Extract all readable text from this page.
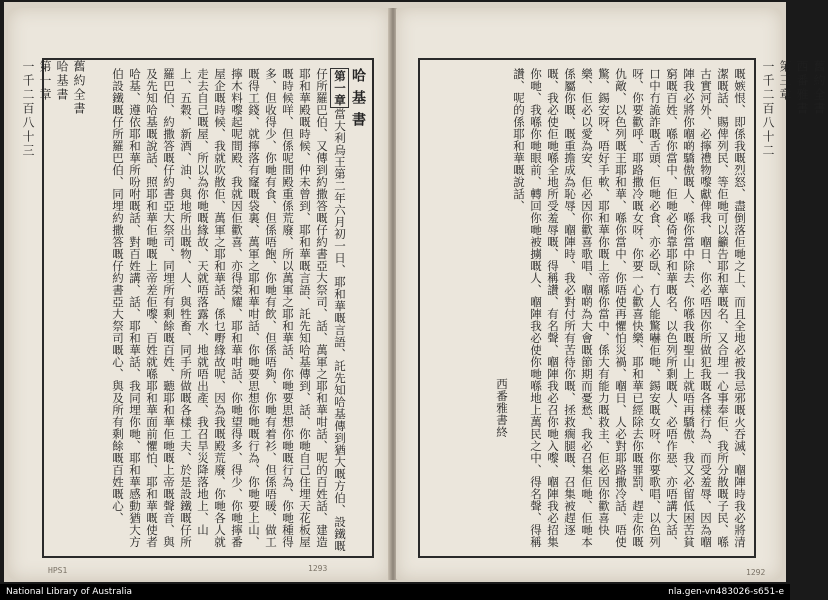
舊約全書
哈基書
第一章
一千二百八十三	哈基書

第一章當大利烏王第二年六月初一日、耶和華嘅言語、託先知哈基傳到猶大嘅方伯、設鐵嘅仔所羅巴伯、又傳到約撒答嘅仔約書亞大祭司、話、萬軍之耶和華咁話、呢的百姓話、建造耶和華殿嘅時候、仲未曾到、耶和華嘅言語、託先知哈基傳到、話、你哋自己住埋天花板屋嘅時候咩、但係呢間殿重係荒廢、所以萬軍之耶和華話、你哋要思想你哋嘅行為、你哋種得多、但收得少、你哋有食、但係唔飽、你哋有飲、但係唔夠、你哋有着衫、但係唔暖、做工嘅得工錢、就擰落有窿嘅袋裏、萬軍之耶和華咁話、你哋要思想你哋嘅行為、你哋要上山、擰木料嚟起呢間殿、我就因佢歡喜、亦得榮耀、耶和華咁話、你哋望得多、得少、你哋擰番屋企嘅時候、我就吹散佢、萬軍之耶和華話、係乜嘢緣故呢、因為我嘅殿荒廢、你哋各人就走去自己嘅屋、所以為你哋嘅緣故、天就唔落露水、地就唔出產、我召旱災降落地上、山上、五穀、新酒、油、與地所出嘅物、人、與牲畜、同手所做嘅各樣工夫、於是設鐵嘅仔所羅巴伯、約撒答嘅仔約書亞大祭司、同埋所有剩餘嘅百姓、聽耶和華佢哋嘅上帝嘅聲音、與及先知哈基嘅說話、照耶和華佢哋嘅上帝差佢嚟、百姓就喺耶和華面前懼怕、耶和華嘅使者哈基、遵依耶和華所吩咐嘅話、對百姓講、話、耶和華話、我同埋你哋、耶和華感動猶大方伯設鐵嘅仔所羅巴伯、同埋約撒答嘅仔約書亞大祭司嘅心、與及所有剩餘嘅百姓嘅心、

1293
HPS1
舊約全書
西番雅書
第三章
一千二百八十二

嘅嫉恨、即係我嘅烈怒、盡倒落佢哋之上、而且全地必被我忌邪嘅火吞滅、嗰陣時我必將清潔嘅話、賜俾列民、等佢哋可以籲告耶和華嘅名、又合埋一心事奉佢、我所分散嘅子民、喺古實河外、必擰禮物嚟獻俾我、嗰日、你必唔因你所做犯我嘅各樣行為、而受羞辱、因為嗰陣我必將你嗰啲驕傲嘅人、喺你當中除去、你喺我嘅聖山上就唔再驕傲、我又必留低困苦貧窮嘅百姓、喺你當中、佢哋必倚靠耶和華嘅名、以色列所剩嘅人、必唔作惡、亦唔講大話、口中冇詭詐嘅舌頭、佢哋必食、亦必臥、冇人能驚嚇佢哋、錫安嘅女呀、你要歌唱、以色列呀、你要歡呼、耶路撒冷嘅女呀、你要一心歡喜快樂、耶和華已經除去你嘅罪罰、趕走你嘅仇敵、以色列嘅王耶和華、喺你當中、你唔使再懼怕災禍、嗰日、人必對耶路撒冷話、唔使驚、錫安呀、唔好手軟、耶和華你嘅上帝喺你當中、係大有能力嘅救主、佢必因你歡喜快樂、佢必以愛為安、佢必因你歡喜歌唱、嗰啲為大會嘅節期而憂愁、我必召集佢哋、佢哋本係屬你嘅、嘅重擔成為恥辱、嗰陣時、我必對付所有苦待你嘅、拯救瘸腿嘅、召集被趕逐嘅、我必使佢哋喺全地所受羞辱嘅、得稱讚、有名聲、嗰陣我必召你哋入嚟、嗰陣我必招集你哋、我喺你哋眼前、轉回你哋被擄嘅人、嗰陣我必使你哋喺地上萬民之中、得名聲、得稱讚、呢的係耶和華嘅說話、

西番雅書終

1292
National Library of Australia	nla.gen-vn483026-s651-e
